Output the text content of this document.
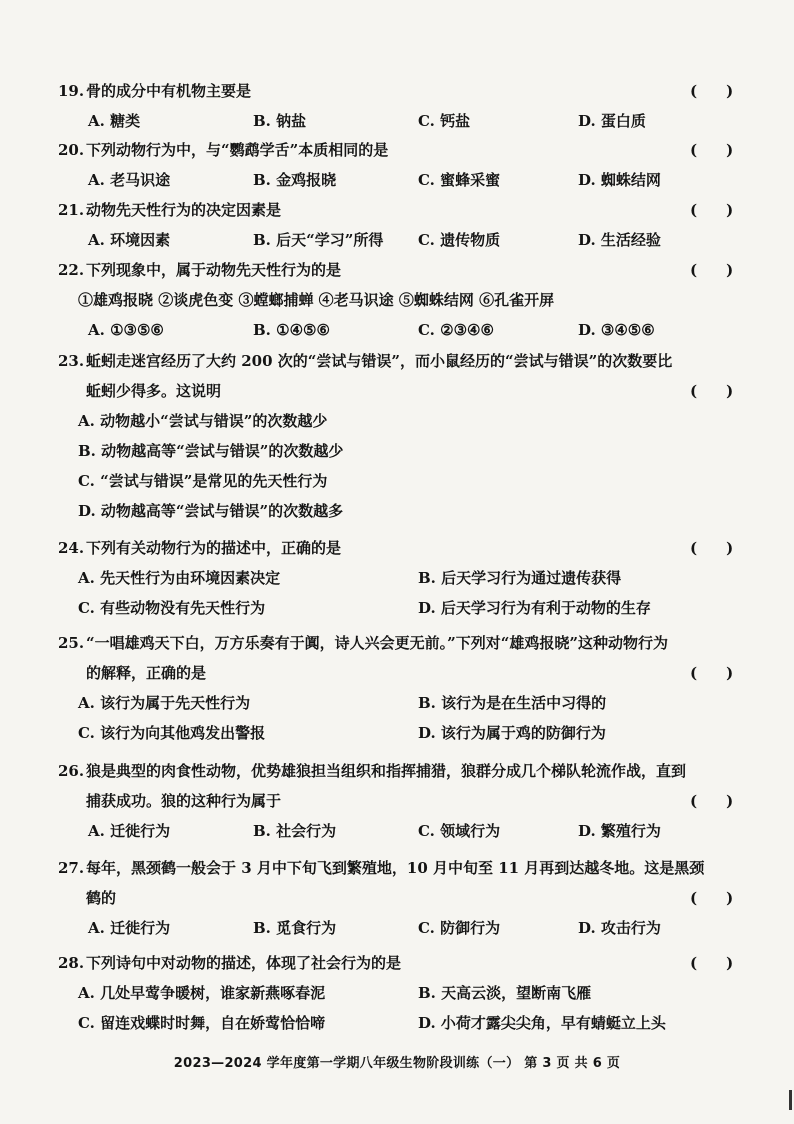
19. 骨的成分中有机物主要是	( )
A. 糖类	B. 钠盐	C. 钙盐	D. 蛋白质
20. 下列动物行为中，与“鹦鹉学舌”本质相同的是	( )
A. 老马识途	B. 金鸡报晓	C. 蜜蜂采蜜	D. 蜘蛛结网
21. 动物先天性行为的决定因素是	( )
A. 环境因素	B. 后天“学习”所得 C. 遗传物质	D. 生活经验
22. 下列现象中，属于动物先天性行为的是	( )
①雄鸡报晓 ②谈虎色变 ③螳螂捕蝉 ④老马识途 ⑤蜘蛛结网 ⑥孔雀开屏
A. ①③⑤⑥	B. ①④⑤⑥	C. ②③④⑥	D. ③④⑤⑥
23. 蚯蚓走迷宫经历了大约 200 次的“尝试与错误”，而小鼠经历的“尝试与错误”的次数要比
蚯蚓少得多。这说明	( )
A. 动物越小“尝试与错误”的次数越少
B. 动物越高等“尝试与错误”的次数越少
C. “尝试与错误”是常见的先天性行为
D. 动物越高等“尝试与错误”的次数越多
24. 下列有关动物行为的描述中，正确的是	( )
A. 先天性行为由环境因素决定	B. 后天学习行为通过遗传获得
C. 有些动物没有先天性行为	D. 后天学习行为有利于动物的生存
25. “一唱雄鸡天下白，万方乐奏有于阗，诗人兴会更无前。”下列对“雄鸡报晓”这种动物行为
的解释，正确的是	( )
A. 该行为属于先天性行为	B. 该行为是在生活中习得的
C. 该行为向其他鸡发出警报	D. 该行为属于鸡的防御行为
26. 狼是典型的肉食性动物，优势雄狼担当组织和指挥捕猎，狼群分成几个梯队轮流作战，直到
捕获成功。狼的这种行为属于	( )
A. 迁徙行为	B. 社会行为	C. 领域行为	D. 繁殖行为
27. 每年，黑颈鹤一般会于 3 月中下旬飞到繁殖地，10 月中旬至 11 月再到达越冬地。这是黑颈
鹤的	( )
A. 迁徙行为	B. 觅食行为	C. 防御行为	D. 攻击行为
28. 下列诗句中对动物的描述，体现了社会行为的是	( )
A. 几处早莺争暖树，谁家新燕啄春泥	B. 天高云淡，望断南飞雁
C. 留连戏蝶时时舞，自在娇莺恰恰啼	D. 小荷才露尖尖角，早有蜻蜓立上头
2023—2024 学年度第一学期八年级生物阶段训练（一） 第 3 页 共 6 页
